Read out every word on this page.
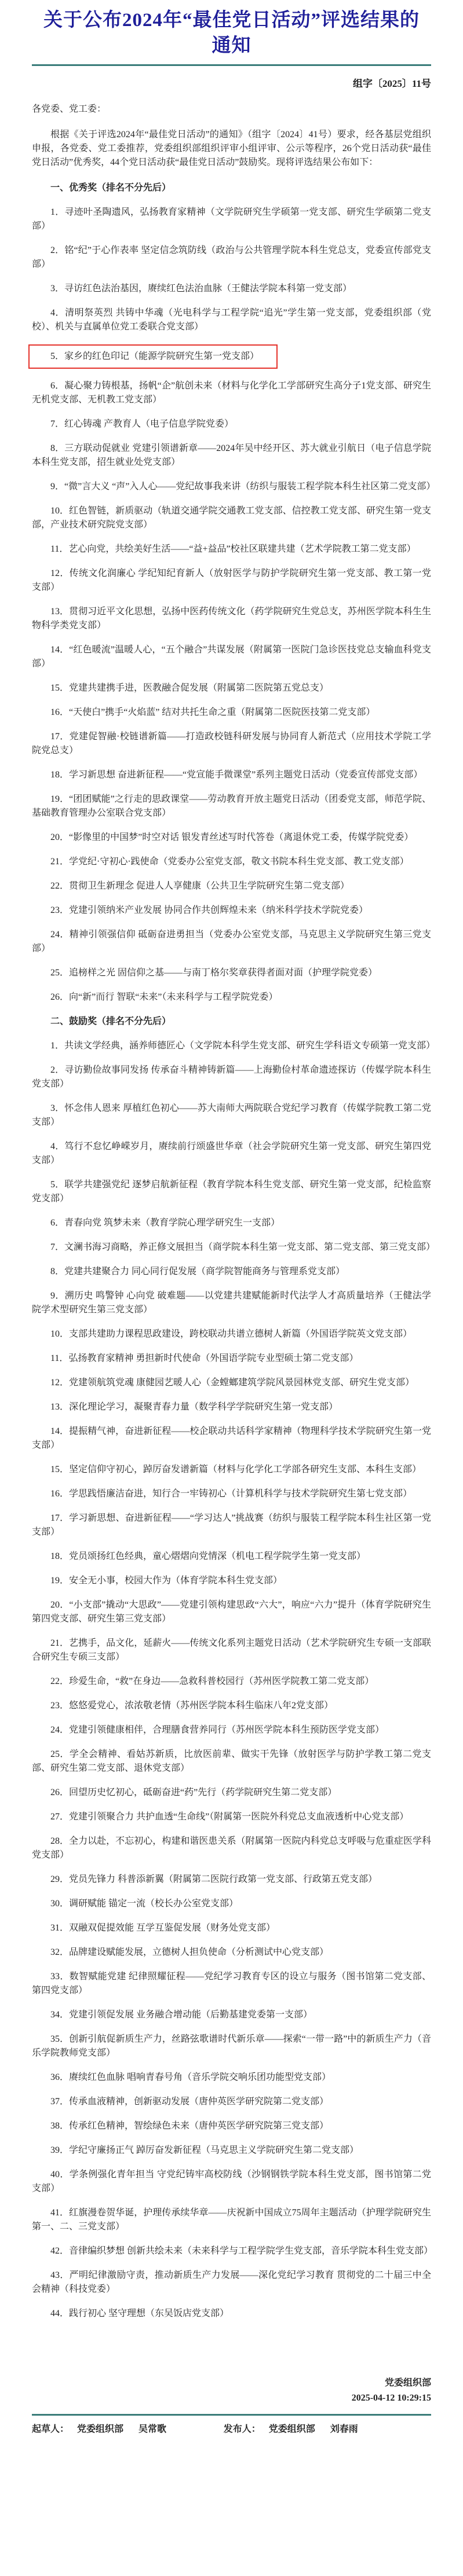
关于公布2024年“最佳党日活动”评选结果的通知
组字〔2025〕11号

各党委、党工委：

根据《关于评选2024年“最佳党日活动”的通知》（组字〔2024〕41号）要求，经各基层党组织申报，各党委、党工委推荐，党委组织部组织评审小组评审、公示等程序，26个党日活动获“最佳党日活动”优秀奖，44个党日活动获“最佳党日活动”鼓励奖。现将评选结果公布如下：

一、优秀奖（排名不分先后）

1．寻迹叶圣陶遗风，弘扬教育家精神（文学院研究生学硕第一党支部、研究生学硕第二党支部）

2．铭“纪”于心作表率 坚定信念筑防线（政治与公共管理学院本科生党总支，党委宣传部党支部）

3．寻访红色法治基因，赓续红色法治血脉（王健法学院本科第一党支部）

4．清明祭英烈 共铸中华魂（光电科学与工程学院“追光”学生第一党支部，党委组织部（党校）、机关与直属单位党工委联合党支部）

5．家乡的红色印记（能源学院研究生第一党支部）

6．凝心聚力铸根基，扬帆“企”航创未来（材料与化学化工学部研究生高分子1党支部、研究生无机党支部、无机教工党支部）

7．红心铸魂 产教育人（电子信息学院党委）

8．三方联动促就业 党建引领谱新章——2024年吴中经开区、苏大就业引航日（电子信息学院本科生党支部，招生就业处党支部）

9．“微”言大义 “声”入人心——党纪故事我来讲（纺织与服装工程学院本科生社区第二党支部）

10．红色智链，新质驱动（轨道交通学院交通教工党支部、信控教工党支部、研究生第一党支部，产业技术研究院党支部）

11．艺心向党，共绘美好生活——“益+益品”校社区联建共建（艺术学院教工第二党支部）

12．传统文化润廉心 学纪知纪育新人（放射医学与防护学院研究生第一党支部、教工第一党支部）

13．贯彻习近平文化思想，弘扬中医药传统文化（药学院研究生党总支，苏州医学院本科生生物科学类党支部）

14．“红色暖流”温暖人心，“五个融合”共谋发展（附属第一医院门急诊医技党总支输血科党支部）

15．党建共建携手进，医教融合促发展（附属第二医院第五党总支）

16．“天使白”携手“火焰蓝” 结对共托生命之重（附属第二医院医技第二党支部）

17．党建促智融·校链谱新篇——打造政校链科研发展与协同育人新范式（应用技术学院工学院党总支）

18．学习新思想 奋进新征程——“党宣能手微课堂”系列主题党日活动（党委宣传部党支部）

19．“团团赋能”之行走的思政课堂——劳动教育开放主题党日活动（团委党支部，师范学院、基础教育管理办公室联合党支部）

20．“影像里的中国梦”时空对话 银发青丝述写时代答卷（离退休党工委，传媒学院党委）

21．学党纪·守初心·践使命（党委办公室党支部，敬文书院本科生党支部、教工党支部）

22．贯彻卫生新理念 促进人人享健康（公共卫生学院研究生第二党支部）

23．党建引领纳米产业发展 协同合作共创辉煌未来（纳米科学技术学院党委）

24．精神引领强信仰 砥砺奋进勇担当（党委办公室党支部，马克思主义学院研究生第三党支部）

25．追榜样之光 固信仰之基——与南丁格尔奖章获得者面对面（护理学院党委）

26．向“新”而行 智联“未来”（未来科学与工程学院党委）

二、鼓励奖（排名不分先后）

1．共读文学经典，涵养师德匠心（文学院本科学生党支部、研究生学科语文专硕第一党支部）

2．寻访勤俭故事同发扬 传承奋斗精神铸新篇——上海勤俭村革命遗迹探访（传媒学院本科生党支部）

3．怀念伟人恩来 厚植红色初心——苏大南师大两院联合党纪学习教育（传媒学院教工第二党支部）

4．笃行不怠忆峥嵘岁月，赓续前行颂盛世华章（社会学院研究生第一党支部、研究生第四党支部）

5．联学共建强党纪 逐梦启航新征程（教育学院本科生党支部、研究生第一党支部，纪检监察党支部）

6．青春向党 筑梦未来（教育学院心理学研究生一支部）

7．文澜书海习商略，养正修文展担当（商学院本科生第一党支部、第二党支部、第三党支部）

8．党建共建聚合力 同心同行促发展（商学院智能商务与管理系党支部）

9．溯历史 鸣警钟 心向党 破难题——以党建共建赋能新时代法学人才高质量培养（王健法学院学术型研究生第三党支部）

10．支部共建助力课程思政建设，跨校联动共谱立德树人新篇（外国语学院英文党支部）

11．弘扬教育家精神 勇担新时代使命（外国语学院专业型硕士第二党支部）

12．党建领航筑党魂 康健园艺暖人心（金螳螂建筑学院风景园林党支部、研究生党支部）

13．深化理论学习，凝聚青春力量（数学科学学院研究生第一党支部）

14．提振精气神，奋进新征程——校企联动共话科学家精神（物理科学技术学院研究生第一党支部）

15．坚定信仰守初心，踔厉奋发谱新篇（材料与化学化工学部各研究生支部、本科生支部）

16．学思践悟廉洁奋进，知行合一牢铸初心（计算机科学与技术学院研究生第七党支部）

17．学习新思想、奋进新征程——“学习达人”挑战赛（纺织与服装工程学院本科生社区第一党支部）

18．党员颂扬红色经典，童心熠熠向党情深（机电工程学院学生第一党支部）

19．安全无小事，校园大作为（体育学院本科生党支部）

20．“小支部”撬动“大思政”——党建引领构建思政“六大”，响应“六力”提升（体育学院研究生第四党支部、研究生第三党支部）

21．艺携手，品文化，延薪火——传统文化系列主题党日活动（艺术学院研究生专硕一支部联合研究生专硕三支部）

22．珍爱生命，“救”在身边——急救科普校园行（苏州医学院教工第二党支部）

23．悠悠爱党心，浓浓敬老情（苏州医学院本科生临床八年2党支部）

24．党建引领健康相伴，合理膳食营养同行（苏州医学院本科生预防医学党支部）

25．学全会精神、看姑苏新质，比放医前辈、做实干先锋（放射医学与防护学教工第二党支部、研究生第二党支部、退休党支部）

26．回望历史忆初心，砥砺奋进“药”先行（药学院研究生第二党支部）

27．党建引领聚合力 共护血透“生命线”（附属第一医院外科党总支血液透析中心党支部）

28．全力以赴，不忘初心，构建和谐医患关系（附属第一医院内科党总支呼吸与危重症医学科党支部）

29．党员先锋力 科普添新翼（附属第二医院行政第一党支部、行政第五党支部）

30．调研赋能 锚定一流（校长办公室党支部）

31．双融双促提效能 互学互鉴促发展（财务处党支部）

32．品牌建设赋能发展，立德树人担负使命（分析测试中心党支部）

33．数智赋能党建 纪律照耀征程——党纪学习教育专区的设立与服务（图书馆第二党支部、第四党支部）

34．党建引领促发展 业务融合增动能（后勤基建党委第一支部）

35．创新引航促新质生产力，丝路弦歌谱时代新乐章——探索“一带一路”中的新质生产力（音乐学院教师党支部）

36．赓续红色血脉 唱响青春号角（音乐学院交响乐团功能型党支部）

37．传承血液精神，创新驱动发展（唐仲英医学研究院第二党支部）

38．传承红色精神，智绘绿色未来（唐仲英医学研究院第三党支部）

39．学纪守廉扬正气 踔厉奋发新征程（马克思主义学院研究生第二党支部）

40．学条例强化青年担当 守党纪铸牢高校防线（沙钢钢铁学院本科生党支部，图书馆第二党支部）

41．红旗漫卷贺华诞，护理传承续华章——庆祝新中国成立75周年主题活动（护理学院研究生第一、二、三党支部）

42．音律编织梦想 创新共绘未来（未来科学与工程学院学生党支部，音乐学院本科生党支部）

43．严明纪律激励守责，推动新质生产力发展——深化党纪学习教育 贯彻党的二十届三中全会精神（科技党委）

44．践行初心 坚守理想（东吴饭店党支部）

党委组织部
2025-04-12 10:29:15
起草人： 党委组织部 吴常歌	发布人： 党委组织部 刘春雨
